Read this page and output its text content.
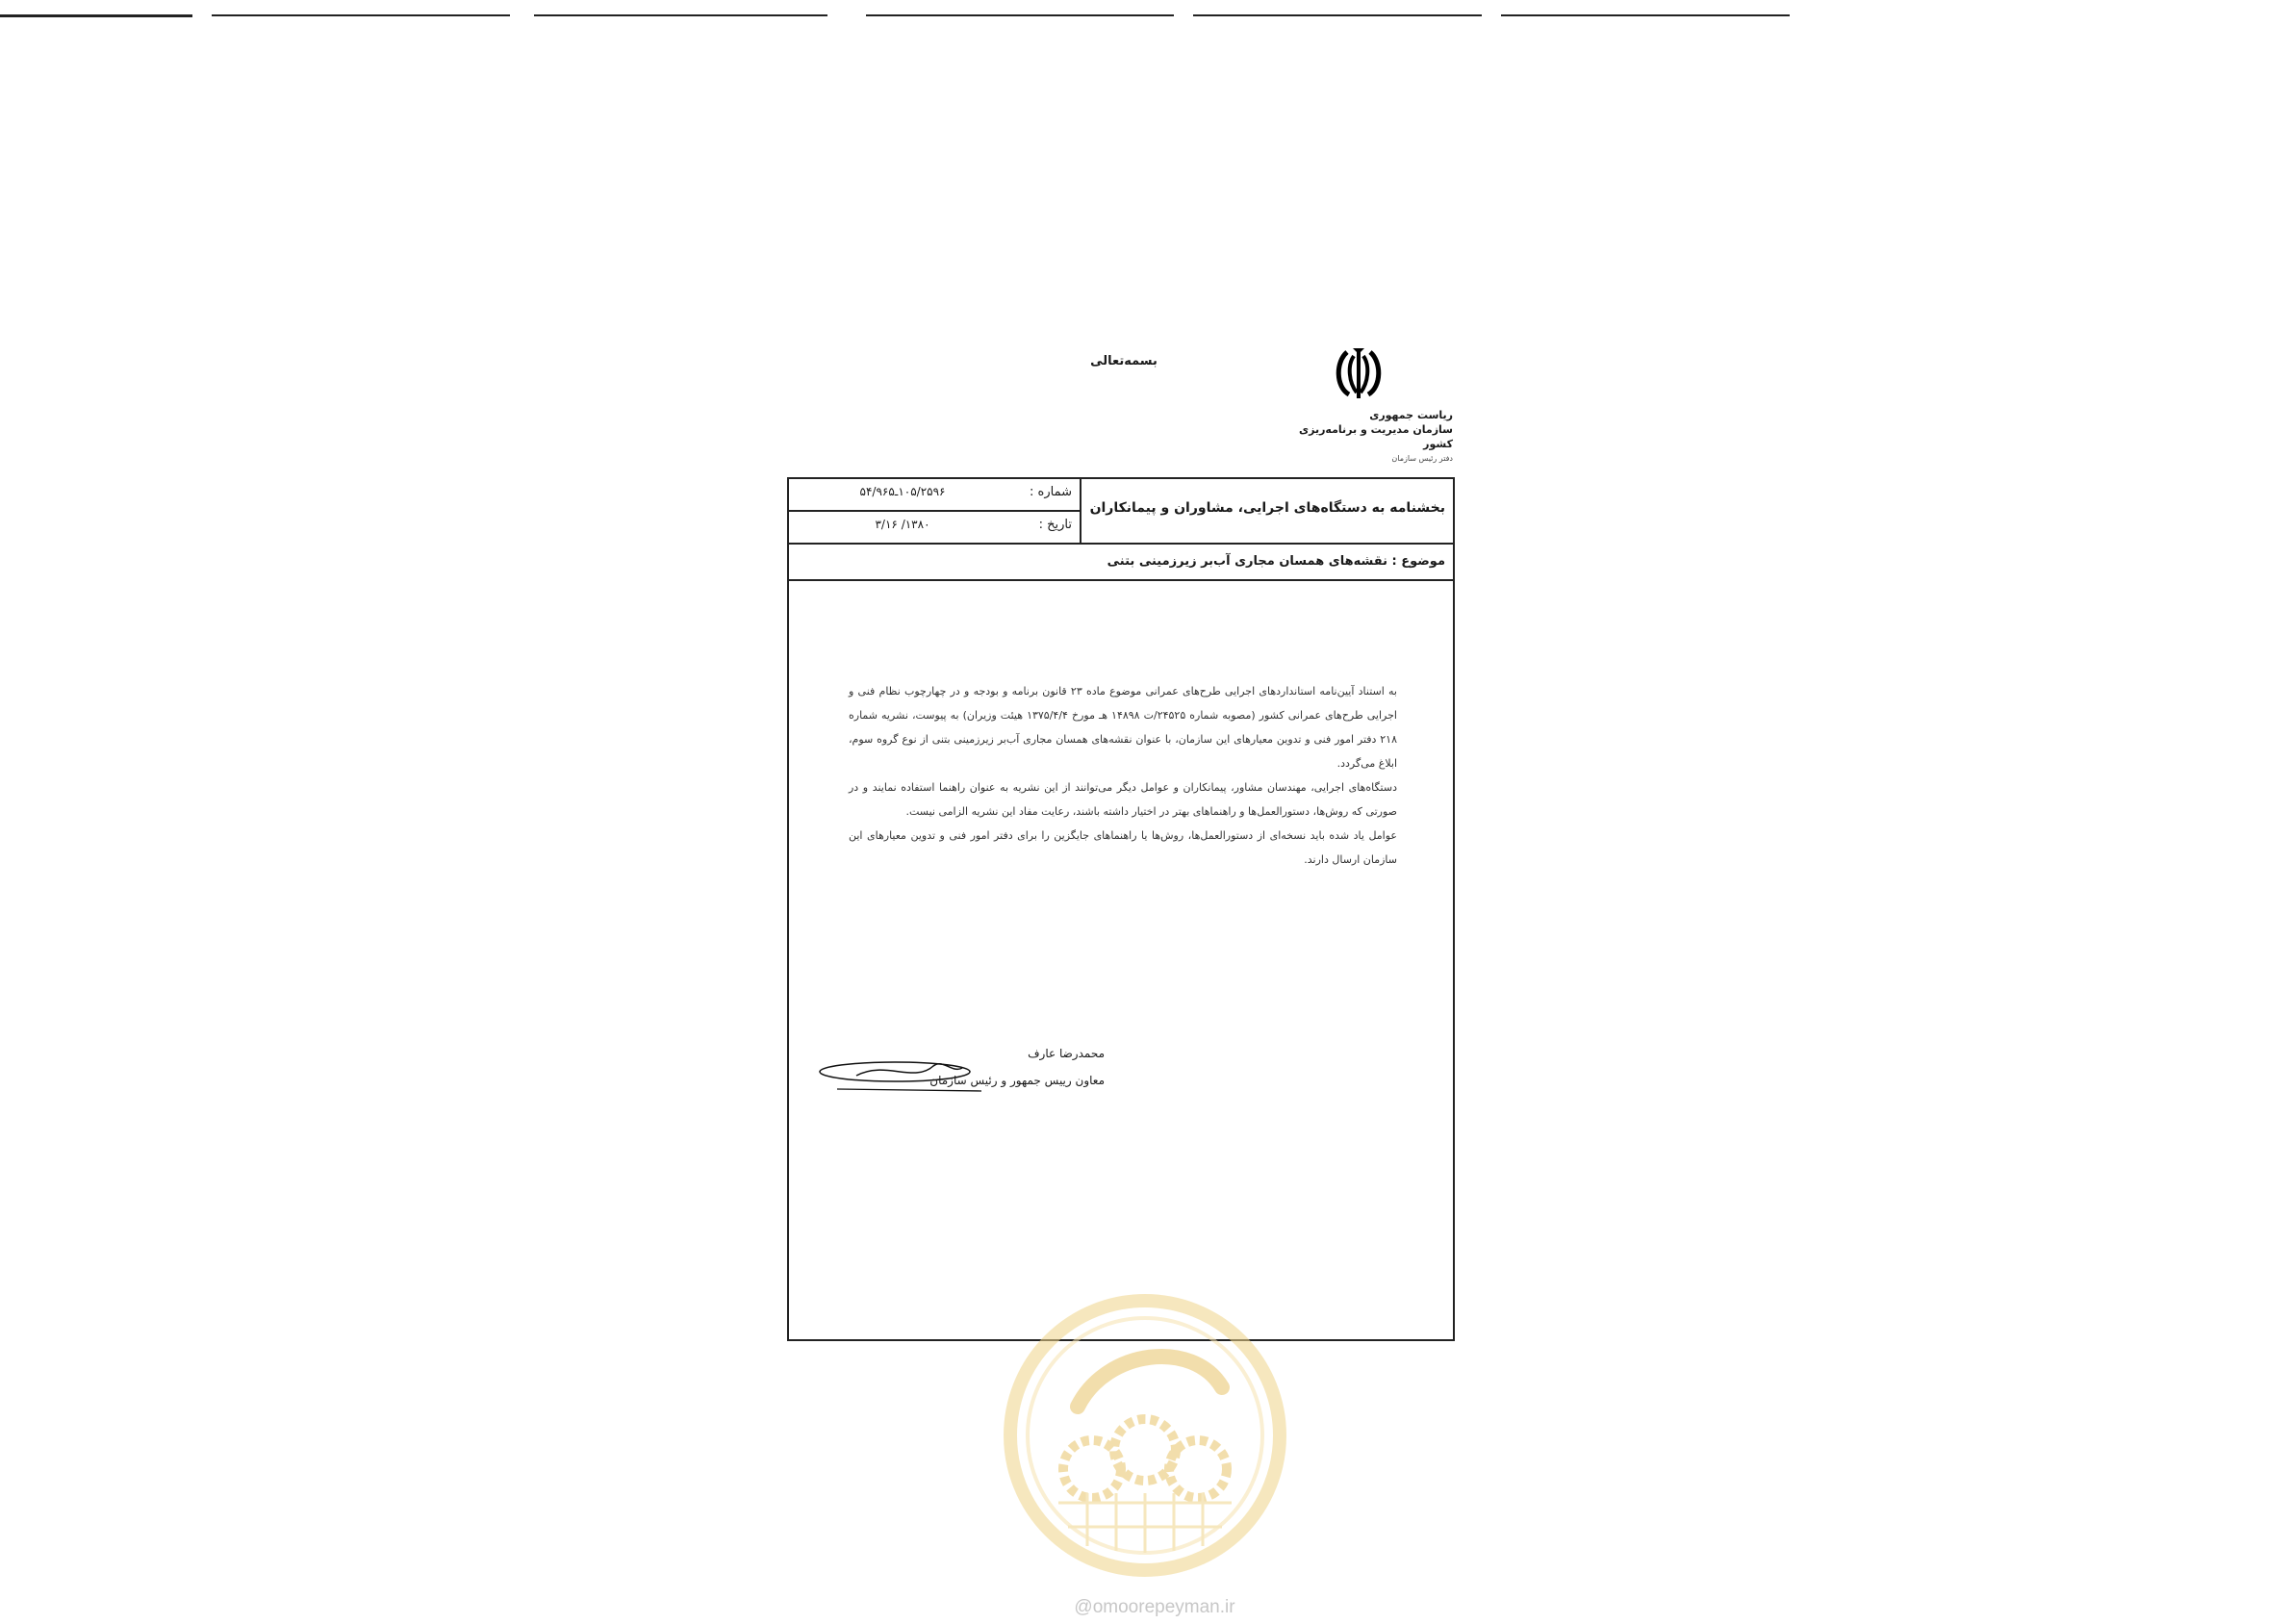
بسمه‌تعالی
ریاست جمهوری
سازمان مدیریت و برنامه‌ریزی کشور
دفتر رئیس سازمان
بخشنامه به دستگاه‌های اجرایی، مشاوران و پیمانکاران
شماره :
۱۰۵/۲۵۹۶ـ۵۴/۹۶۵
تاریخ :
۱۳۸۰/ ۳/۱۶
موضوع : نقشه‌های همسان مجاری آب‌بر زیرزمینی بتنی

به استناد آیین‌نامه استانداردهای اجرایی طرح‌های عمرانی موضوع ماده ۲۳ قانون برنامه و بودجه و در چهارچوب نظام فنی و اجرایی طرح‌های عمرانی کشور (مصوبه شماره ۲۴۵۲۵/ت ۱۴۸۹۸ هـ مورخ ۱۳۷۵/۴/۴ هیئت وزیران) به پیوست، نشریه شماره ۲۱۸ دفتر امور فنی و تدوین معیارهای این سازمان، با عنوان نقشه‌های همسان مجاری آب‌بر زیرزمینی بتنی از نوع گروه سوم، ابلاغ می‌گردد.

دستگاه‌های اجرایی، مهندسان مشاور، پیمانکاران و عوامل دیگر می‌توانند از این نشریه به عنوان راهنما استفاده نمایند و در صورتی که روش‌ها، دستورالعمل‌ها و راهنماهای بهتر در اختیار داشته باشند، رعایت مفاد این نشریه الزامی نیست.

عوامل یاد شده باید نسخه‌ای از دستورالعمل‌ها، روش‌ها یا راهنماهای جایگزین را برای دفتر امور فنی و تدوین معیارهای این سازمان ارسال دارند.

محمدرضا عارف
معاون رییس جمهور و رئیس سازمان
@omoorepeyman.ir
